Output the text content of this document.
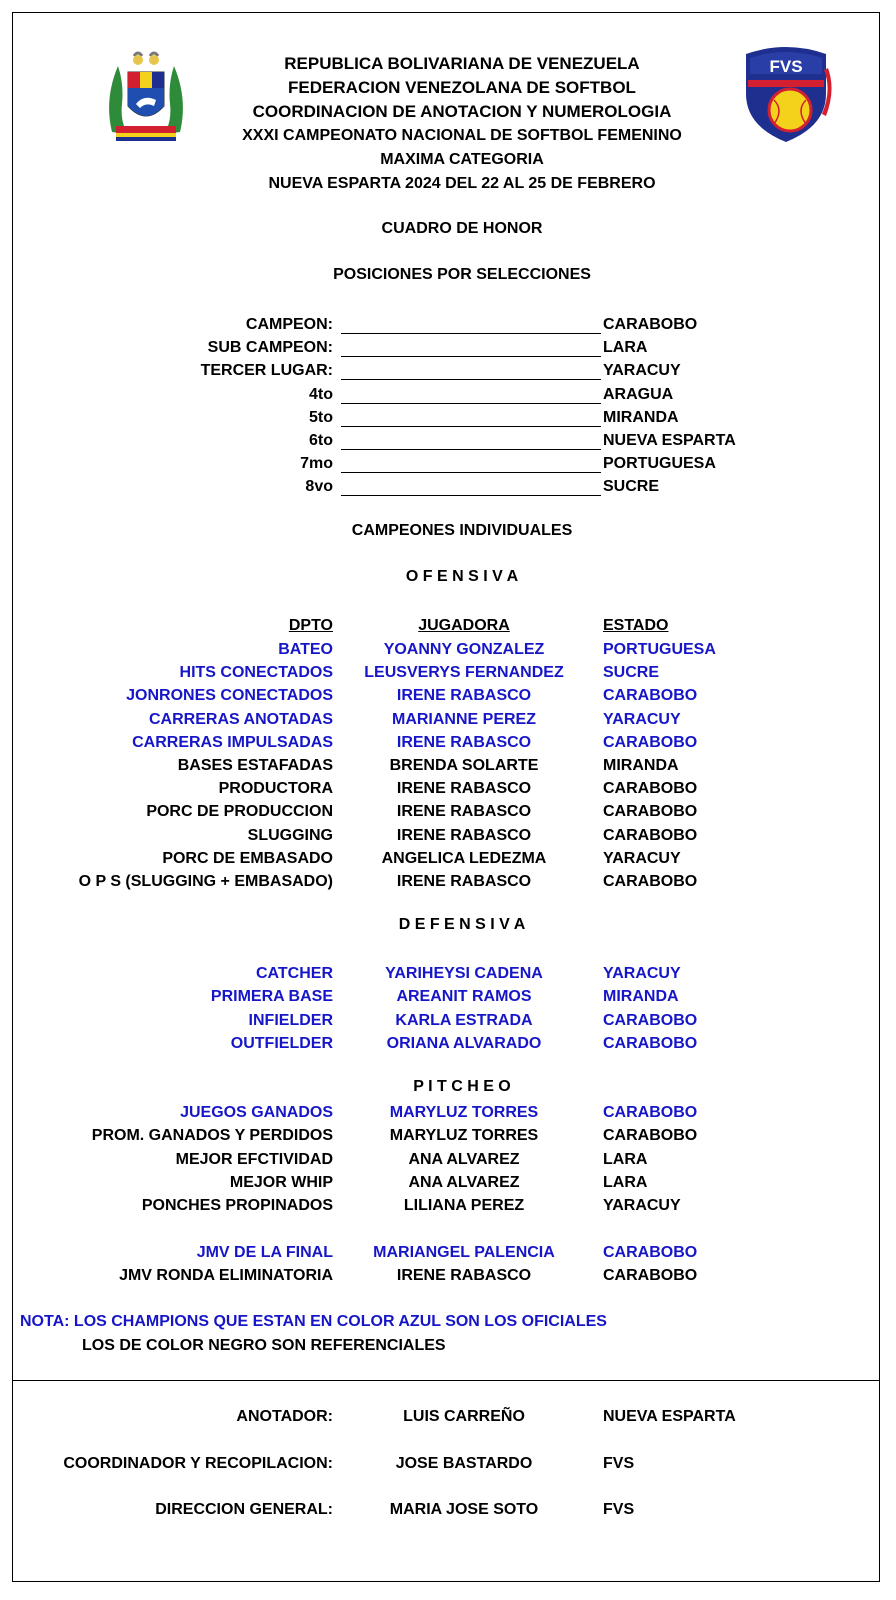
FVS
REPUBLICA BOLIVARIANA DE VENEZUELA
FEDERACION VENEZOLANA DE SOFTBOL
COORDINACION DE ANOTACION Y NUMEROLOGIA
XXXI CAMPEONATO NACIONAL DE SOFTBOL FEMENINO
MAXIMA CATEGORIA
NUEVA ESPARTA 2024 DEL 22 AL 25 DE FEBRERO
CUADRO DE HONOR
POSICIONES POR SELECCIONES
CAMPEON:	CARABOBO
SUB CAMPEON:	LARA
TERCER LUGAR:	YARACUY
4to	ARAGUA
5to	MIRANDA
6to	NUEVA ESPARTA
7mo	PORTUGUESA
8vo	SUCRE
CAMPEONES INDIVIDUALES
O F E N S I V A
DPTO	JUGADORA	ESTADO
BATEO	YOANNY GONZALEZ	PORTUGUESA
HITS CONECTADOS	LEUSVERYS FERNANDEZ	SUCRE
JONRONES CONECTADOS	IRENE RABASCO	CARABOBO
CARRERAS ANOTADAS	MARIANNE PEREZ	YARACUY
CARRERAS IMPULSADAS	IRENE RABASCO	CARABOBO
BASES ESTAFADAS	BRENDA SOLARTE	MIRANDA
PRODUCTORA	IRENE RABASCO	CARABOBO
PORC DE PRODUCCION	IRENE RABASCO	CARABOBO
SLUGGING	IRENE RABASCO	CARABOBO
PORC DE EMBASADO	ANGELICA LEDEZMA	YARACUY
O P S (SLUGGING + EMBASADO)	IRENE RABASCO	CARABOBO
D E F E N S I V A
CATCHER	YARIHEYSI CADENA	YARACUY
PRIMERA BASE	AREANIT RAMOS	MIRANDA
INFIELDER	KARLA ESTRADA	CARABOBO
OUTFIELDER	ORIANA ALVARADO	CARABOBO
P I T C H E O
JUEGOS GANADOS	MARYLUZ TORRES	CARABOBO
PROM. GANADOS Y PERDIDOS	MARYLUZ TORRES	CARABOBO
MEJOR EFCTIVIDAD	ANA ALVAREZ	LARA
MEJOR WHIP	ANA ALVAREZ	LARA
PONCHES PROPINADOS	LILIANA PEREZ	YARACUY
JMV DE LA FINAL	MARIANGEL PALENCIA	CARABOBO
JMV RONDA ELIMINATORIA	IRENE RABASCO	CARABOBO
NOTA: LOS CHAMPIONS QUE ESTAN EN COLOR AZUL SON LOS OFICIALES
LOS DE COLOR NEGRO SON REFERENCIALES
ANOTADOR:	LUIS CARREÑO	NUEVA ESPARTA
COORDINADOR Y RECOPILACION:	JOSE BASTARDO	FVS
DIRECCION GENERAL:	MARIA JOSE SOTO	FVS
